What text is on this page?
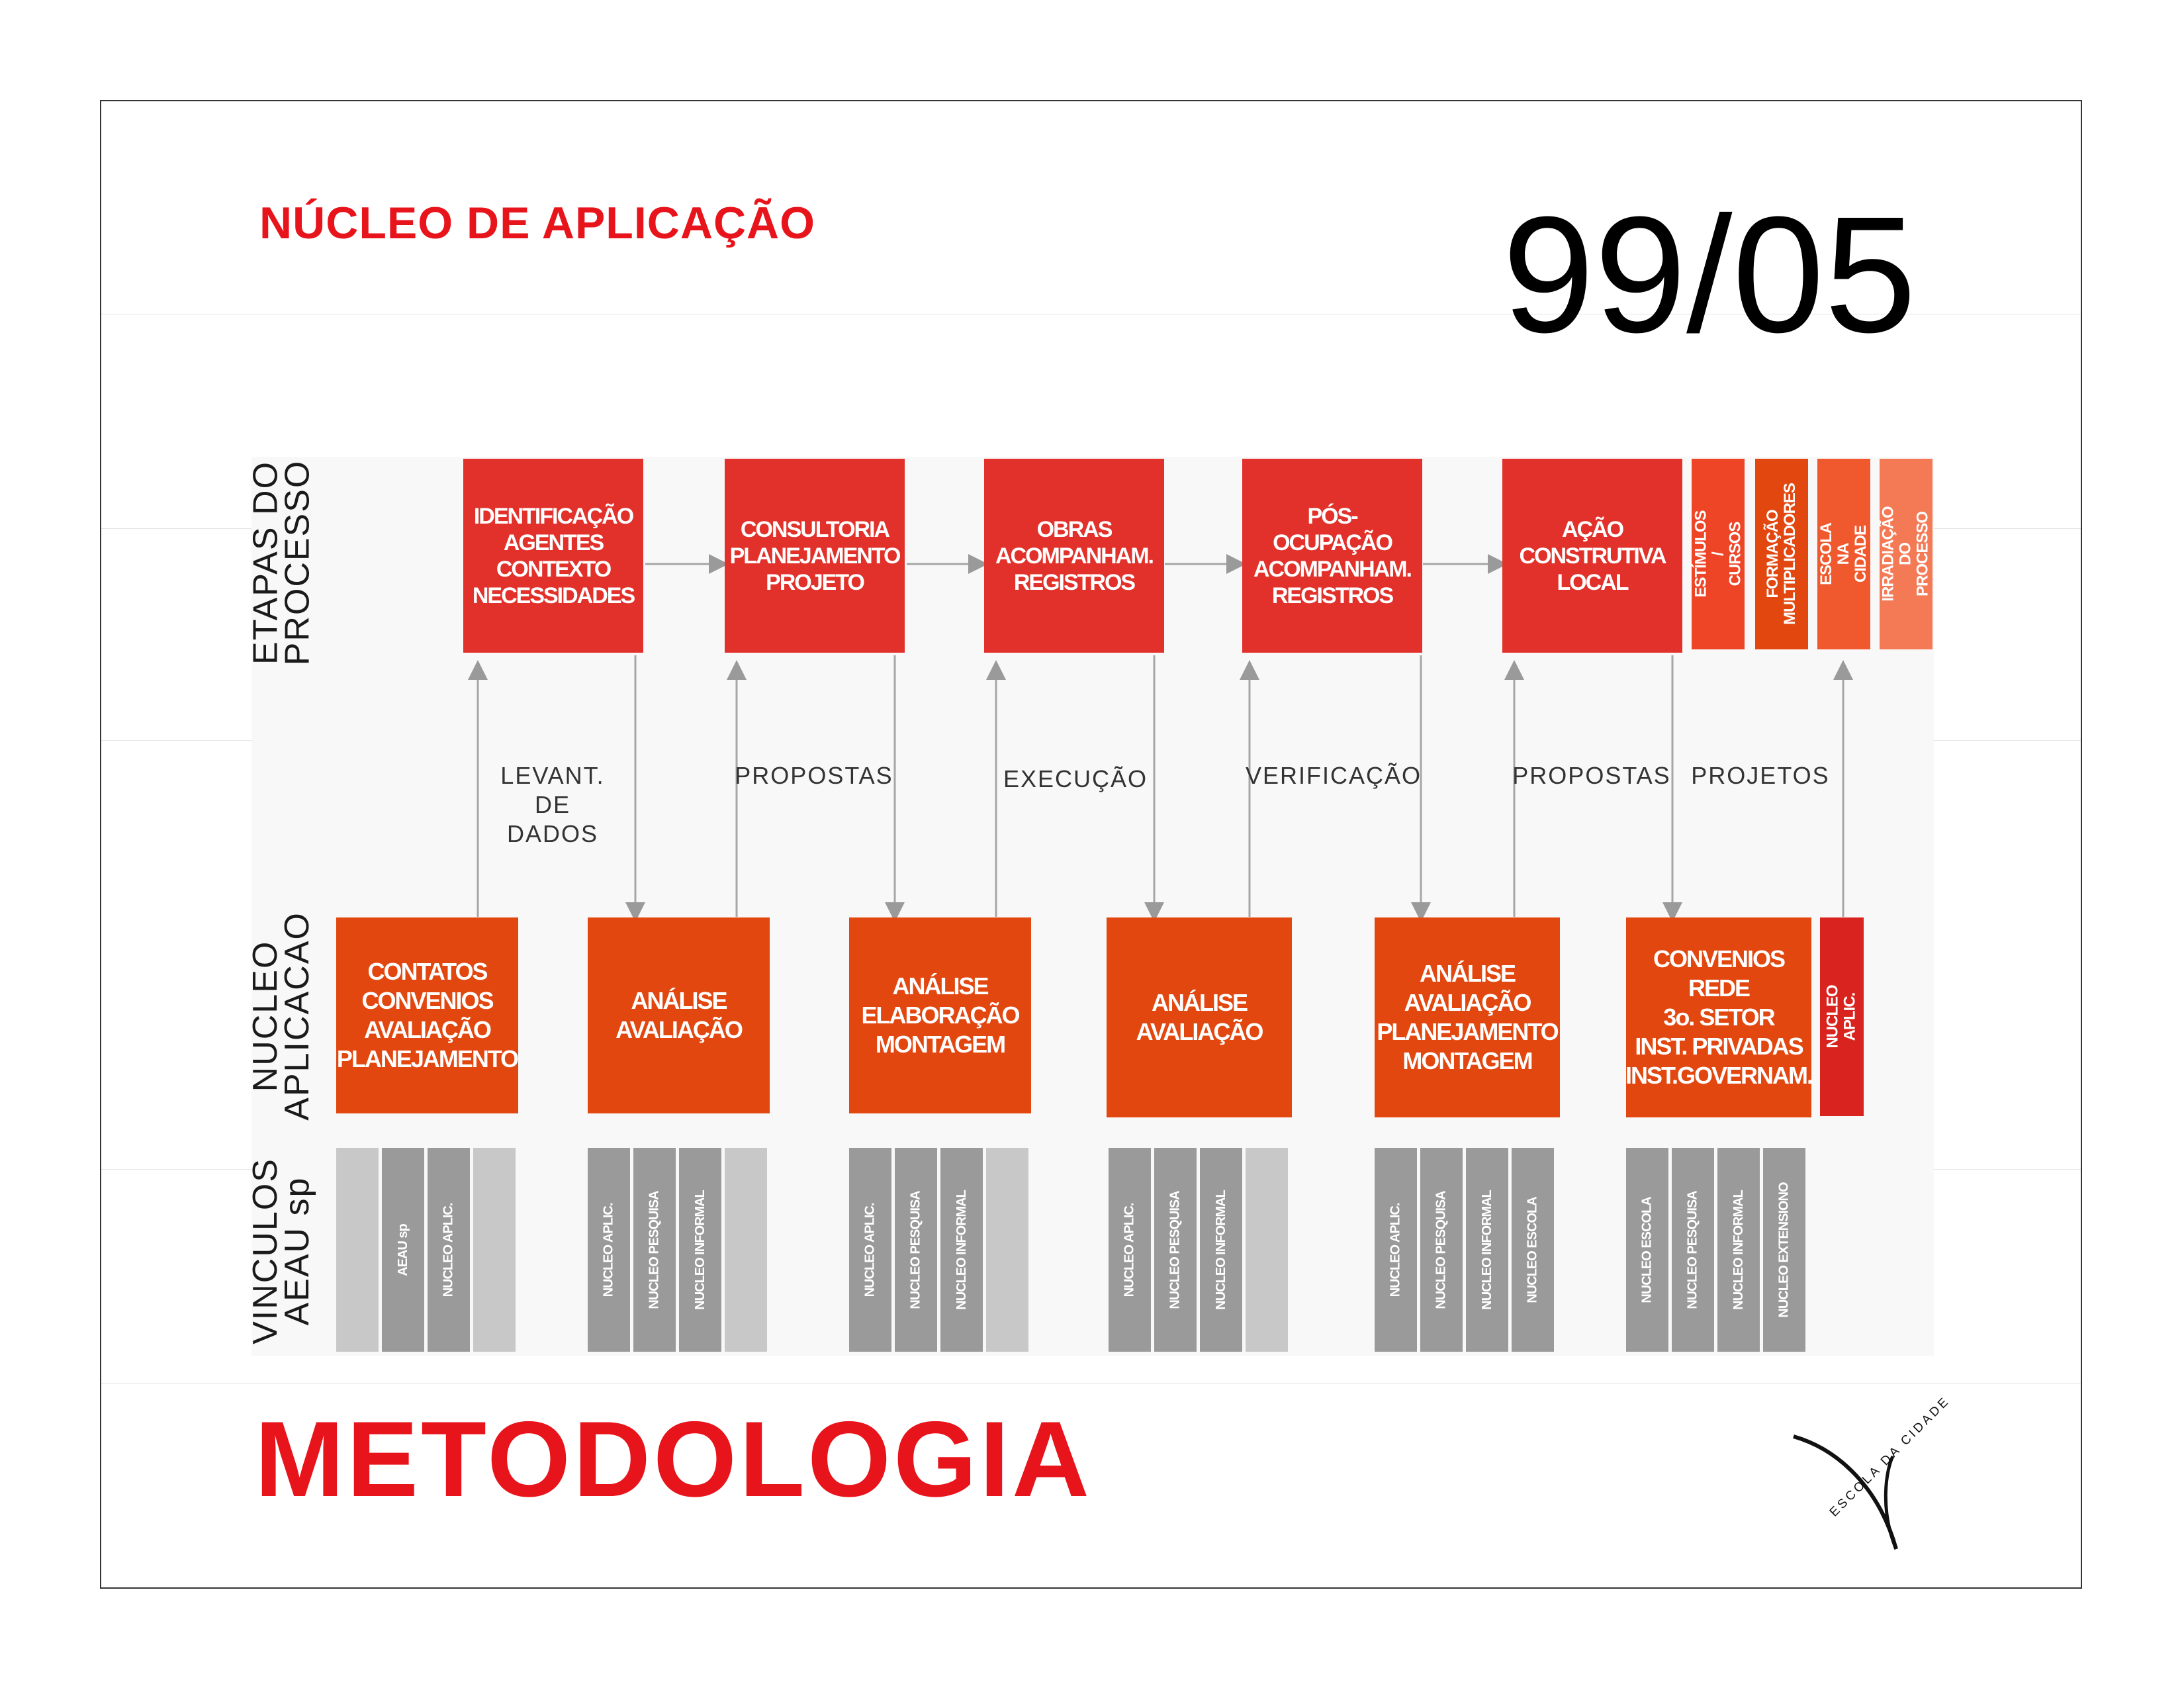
NÚCLEO DE APLICAÇÃO	99/05
ETAPAS DO
PROCESSO
NUCLEO
APLICACAO
VINCULOS
AEAU sp
IDENTIFICAÇÃO
AGENTES
CONTEXTO
NECESSIDADES
CONSULTORIA
PLANEJAMENTO
PROJETO
OBRAS
ACOMPANHAM.
REGISTROS
PÓS-OCUPAÇÃO
ACOMPANHAM.
REGISTROS
AÇÃO
CONSTRUTIVA
LOCAL	ESTÍMULOS /
CURSOS FORMAÇÃO
MULTIPLICADORES ESCOLA
NA CIDADE IRRADIAÇÃO
DO PROCESSO
LEVANT.
DE DADOS
PROPOSTAS	EXECUÇÃO	VERIFICAÇÃO	PROPOSTAS PROJETOS
CONTATOS
CONVENIOS
AVALIAÇÃO
PLANEJAMENTO
ANÁLISE
AVALIAÇÃO
ANÁLISE
ELABORAÇÃO
MONTAGEM
ANÁLISE
AVALIAÇÃO
ANÁLISE
AVALIAÇÃO
PLANEJAMENTO
MONTAGEM
CONVENIOS
REDE
3o. SETOR
INST. PRIVADAS
INST.GOVERNAM.
NUCLEO APLIC.
AEAU sp NUCLEO APLIC.	NUCLEO APLIC. NUCLEO PESQUISA NUCLEO INFORMAL	NUCLEO APLIC. NUCLEO PESQUISA NUCLEO INFORMAL	NUCLEO APLIC. NUCLEO PESQUISA NUCLEO INFORMAL	NUCLEO APLIC. NUCLEO PESQUISA NUCLEO INFORMAL NUCLEO ESCOLA	NUCLEO ESCOLA NUCLEO PESQUISA NUCLEO INFORMAL NUCLEO EXTENSIONO
METODOLOGIA	ESCOLA DA CIDADE
